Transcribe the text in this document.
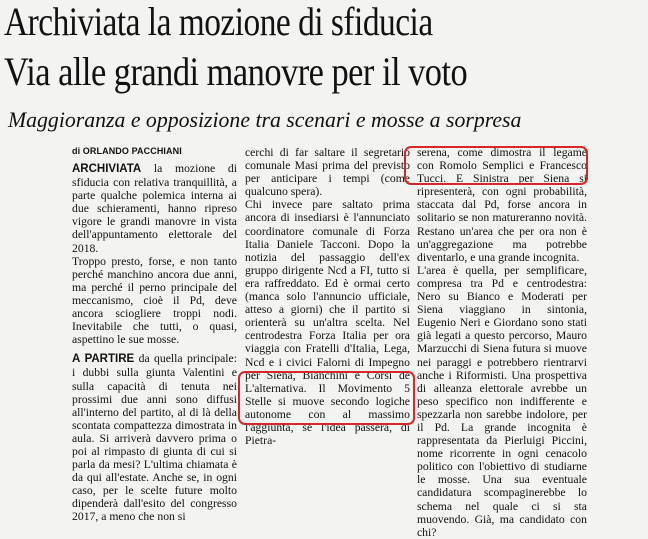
Archiviata la mozione di sfiducia
Via alle grandi manovre per il voto
Maggioranza e opposizione tra scenari e mosse a sorpresa
di ORLANDO PACCHIANI

ARCHIVIATA la mozione di sfiducia con relativa tranquillità, a parte qualche polemica interna ai due schieramenti, hanno ripreso vigore le grandi manovre in vista dell'appuntamento elettorale del 2018.

Troppo presto, forse, e non tanto perché manchino ancora due anni, ma perché il perno principale del meccanismo, cioè il Pd, deve ancora sciogliere troppi nodi. Inevitabile che tutti, o quasi, aspettino le sue mosse.

A PARTIRE da quella principale: i dubbi sulla giunta Valentini e sulla capacità di tenuta nei prossimi due anni sono diffusi all'interno del partito, al di là della scontata compattezza dimostrata in aula. Si arriverà davvero prima o poi al rimpasto di giunta di cui si parla da mesi? L'ultima chiamata è da qui all'estate. Anche se, in ogni caso, per le scelte future molto dipenderà dall'esito del congresso 2017, a meno che non si

cerchi di far saltare il segretario comunale Masi prima del previsto per anticipare i tempi (come qualcuno spera).

Chi invece pare saltato prima ancora di insediarsi è l'annunciato coordinatore comunale di Forza Italia Daniele Tacconi. Dopo la notizia del passaggio dell'ex gruppo dirigente Ncd a FI, tutto si era raffreddato. Ed è ormai certo (manca solo l'annuncio ufficiale, atteso a giorni) che il partito si orienterà su un'altra scelta. Nel centrodestra Forza Italia per ora viaggia con Fratelli d'Italia, Lega, Ncd e i civici Falorni di Impegno per Siena, Bianchini e Corsi de L'alternativa. Il Movimento 5 Stelle si muove secondo logiche autonome con al massimo l'aggiunta, se l'idea passerà, di Pietra-

serena, come dimostra il legame con Romolo Semplici e Francesco Tucci. E Sinistra per Siena si ripresenterà, con ogni probabilità, staccata dal Pd, forse ancora in solitario se non matureranno novità. Restano un'area che per ora non è un'aggregazione ma potrebbe diventarlo, e una grande incognita.

L'area è quella, per semplificare, compresa tra Pd e centrodestra: Nero su Bianco e Moderati per Siena viaggiano in sintonia, Eugenio Neri e Giordano sono stati già legati a questo percorso, Mauro Marzucchi di Siena futura si muove nei paraggi e potrebbero rientrarvi anche i Riformisti. Una prospettiva di alleanza elettorale avrebbe un peso specifico non indifferente e spezzarla non sarebbe indolore, per il Pd. La grande incognita è rappresentata da Pierluigi Piccini, nome ricorrente in ogni cenacolo politico con l'obiettivo di studiarne le mosse. Una sua eventuale candidatura scompaginerebbe lo schema nel quale ci si sta muovendo. Già, ma candidato con chi?
